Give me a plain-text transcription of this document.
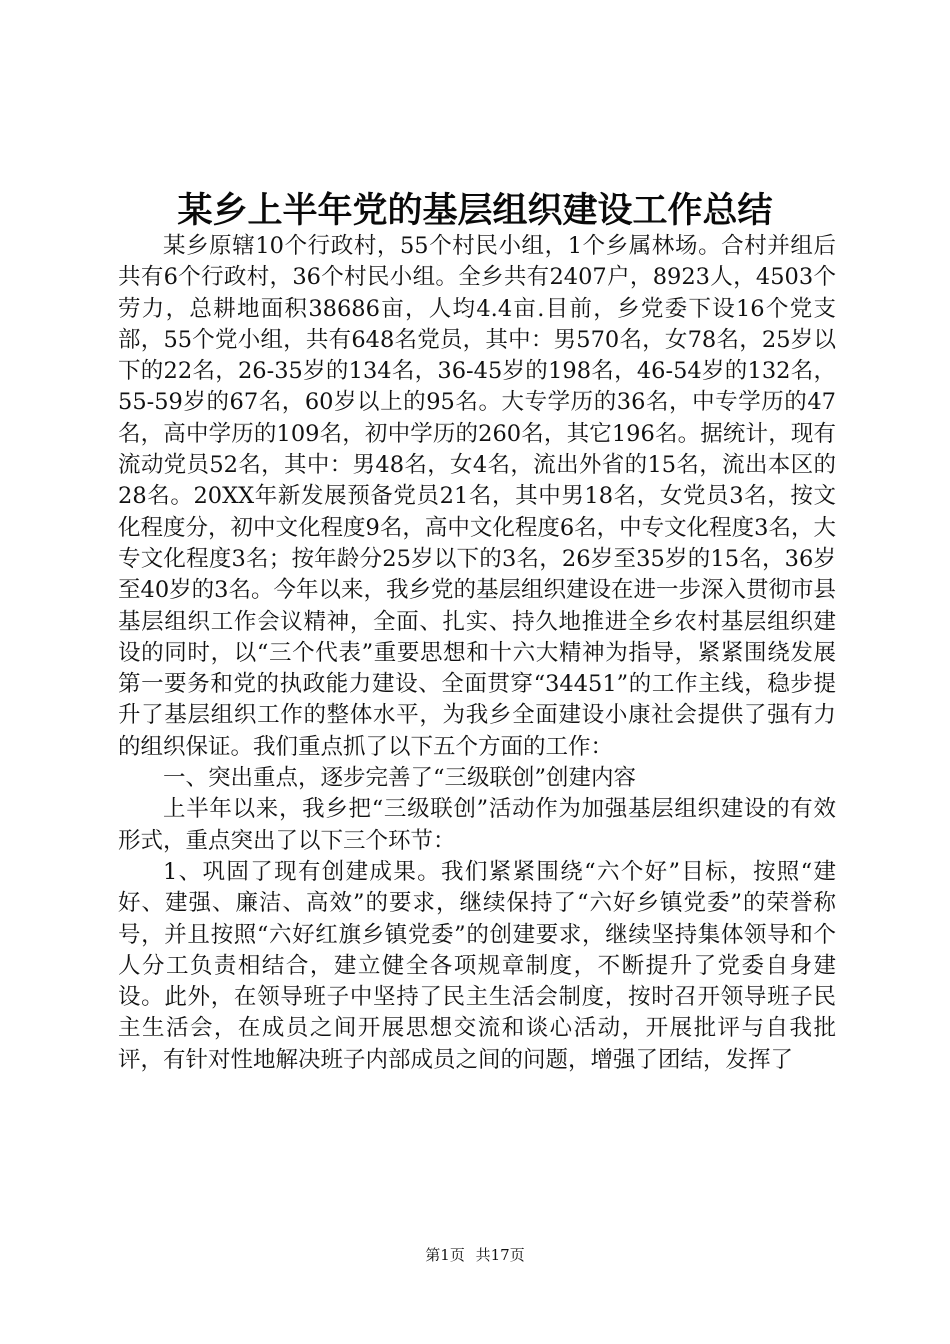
某乡上半年党的基层组织建设工作总结

某乡原辖10个行政村，55个村民小组，1个乡属林场。合村并组后共有6个行政村，36个村民小组。全乡共有2407户，8923人，4503个劳力，总耕地面积38686亩，人均4.4亩.目前，乡党委下设16个党支部，55个党小组，共有648名党员，其中：男570名，女78名，25岁以下的22名，26-35岁的134名，36-45岁的198名，46-54岁的132名，55-59岁的67名，60岁以上的95名。大专学历的36名，中专学历的47名，高中学历的109名，初中学历的260名，其它196名。据统计，现有流动党员52名，其中：男48名，女4名，流出外省的15名，流出本区的28名。20XX年新发展预备党员21名，其中男18名，女党员3名，按文化程度分，初中文化程度9名，高中文化程度6名，中专文化程度3名，大专文化程度3名；按年龄分25岁以下的3名，26岁至35岁的15名，36岁至40岁的3名。今年以来，我乡党的基层组织建设在进一步深入贯彻市县基层组织工作会议精神，全面、扎实、持久地推进全乡农村基层组织建设的同时，以“三个代表”重要思想和十六大精神为指导，紧紧围绕发展第一要务和党的执政能力建设、全面贯穿“34451”的工作主线，稳步提升了基层组织工作的整体水平，为我乡全面建设小康社会提供了强有力的组织保证。我们重点抓了以下五个方面的工作：

一、突出重点，逐步完善了“三级联创”创建内容

上半年以来，我乡把“三级联创”活动作为加强基层组织建设的有效形式，重点突出了以下三个环节：

1、巩固了现有创建成果。我们紧紧围绕“六个好”目标，按照“建好、建强、廉洁、高效”的要求，继续保持了“六好乡镇党委”的荣誉称号，并且按照“六好红旗乡镇党委”的创建要求，继续坚持集体领导和个人分工负责相结合，建立健全各项规章制度，不断提升了党委自身建设。此外，在领导班子中坚持了民主生活会制度，按时召开领导班子民主生活会，在成员之间开展思想交流和谈心活动，开展批评与自我批评，有针对性地解决班子内部成员之间的问题，增强了团结，发挥了

第1页 共17页
